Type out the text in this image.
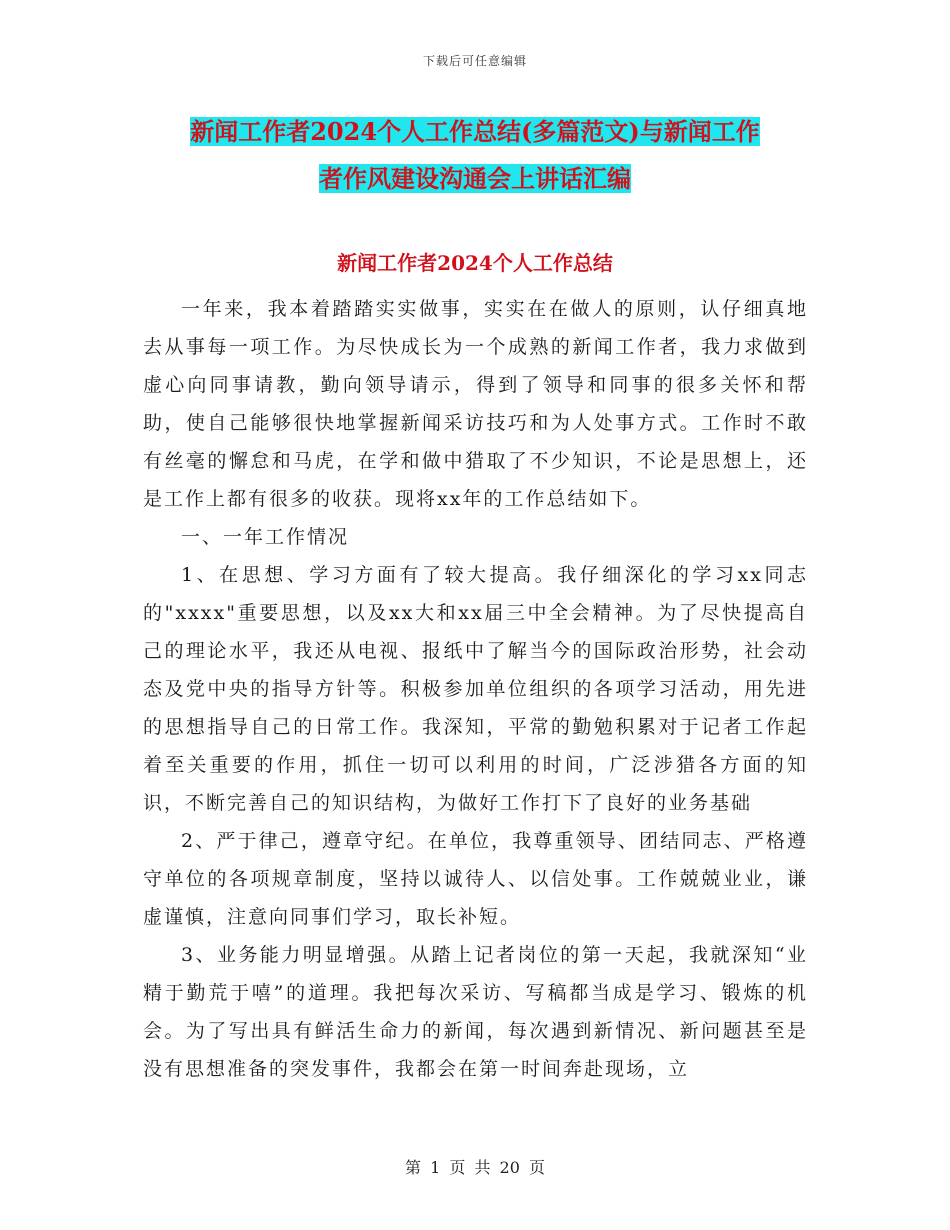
下载后可任意编辑
新闻工作者2024个人工作总结(多篇范文)与新闻工作
者作风建设沟通会上讲话汇编
新闻工作者2024个人工作总结

一年来，我本着踏踏实实做事，实实在在做人的原则，认仔细真地去从事每一项工作。为尽快成长为一个成熟的新闻工作者，我力求做到虚心向同事请教，勤向领导请示，得到了领导和同事的很多关怀和帮助，使自己能够很快地掌握新闻采访技巧和为人处事方式。工作时不敢有丝毫的懈怠和马虎，在学和做中猎取了不少知识，不论是思想上，还是工作上都有很多的收获。现将xx年的工作总结如下。

一、一年工作情况

1、在思想、学习方面有了较大提高。我仔细深化的学习xx同志的"xxxx"重要思想，以及xx大和xx届三中全会精神。为了尽快提高自己的理论水平，我还从电视、报纸中了解当今的国际政治形势，社会动态及党中央的指导方针等。积极参加单位组织的各项学习活动，用先进的思想指导自己的日常工作。我深知，平常的勤勉积累对于记者工作起着至关重要的作用，抓住一切可以利用的时间，广泛涉猎各方面的知识，不断完善自己的知识结构，为做好工作打下了良好的业务基础

2、严于律己，遵章守纪。在单位，我尊重领导、团结同志、严格遵守单位的各项规章制度，坚持以诚待人、以信处事。工作兢兢业业，谦虚谨慎，注意向同事们学习，取长补短。

3、业务能力明显增强。从踏上记者岗位的第一天起，我就深知“业精于勤荒于嘻”的道理。我把每次采访、写稿都当成是学习、锻炼的机会。为了写出具有鲜活生命力的新闻，每次遇到新情况、新问题甚至是没有思想准备的突发事件，我都会在第一时间奔赴现场，立

第 1 页 共 20 页
